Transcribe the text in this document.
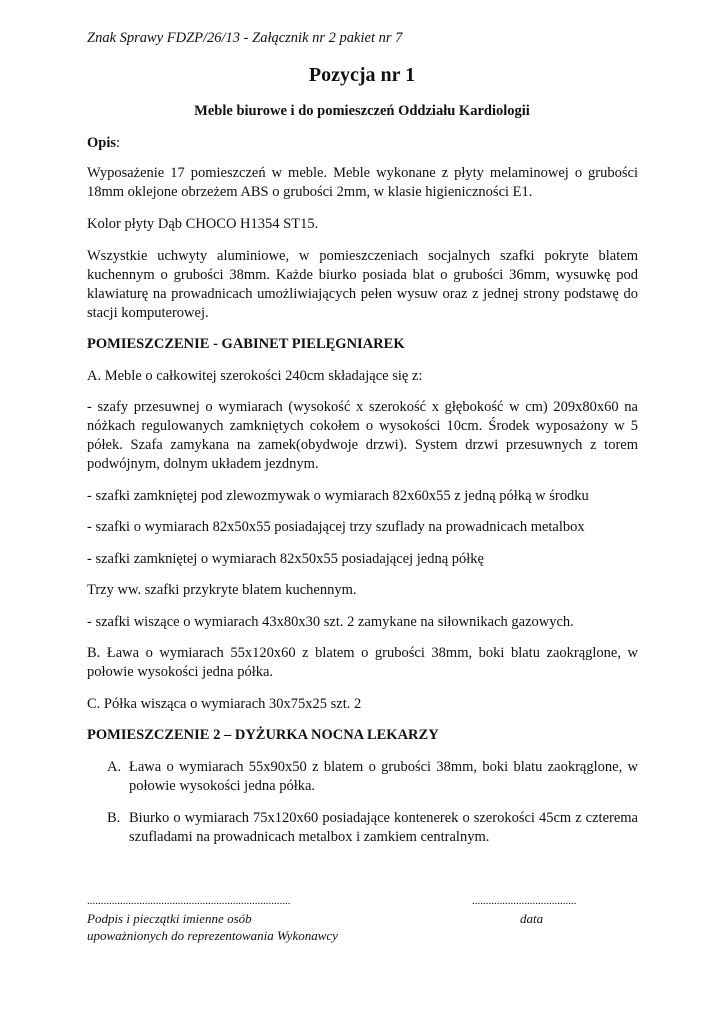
Znak Sprawy FDZP/26/13 - Załącznik nr 2 pakiet nr 7
Pozycja nr 1
Meble biurowe i do pomieszczeń Oddziału Kardiologii

Opis:

Wyposażenie 17 pomieszczeń w meble. Meble wykonane z płyty melaminowej o grubości 18mm oklejone obrzeżem ABS o grubości 2mm, w klasie higieniczności E1.

Kolor płyty Dąb CHOCO H1354 ST15.

Wszystkie uchwyty aluminiowe, w pomieszczeniach socjalnych szafki pokryte blatem kuchennym o grubości 38mm. Każde biurko posiada blat o grubości 36mm, wysuwkę pod klawiaturę na prowadnicach umożliwiających pełen wysuw oraz z jednej strony podstawę do stacji komputerowej.

POMIESZCZENIE - GABINET PIELĘGNIAREK

A. Meble o całkowitej szerokości 240cm składające się z:

- szafy przesuwnej o wymiarach (wysokość x szerokość x głębokość w cm) 209x80x60 na nóżkach regulowanych zamkniętych cokołem o wysokości 10cm. Środek wyposażony w 5 półek. Szafa zamykana na zamek(obydwoje drzwi). System drzwi przesuwnych z torem podwójnym, dolnym układem jezdnym.

- szafki zamkniętej pod zlewozmywak o wymiarach 82x60x55 z jedną półką w środku

- szafki o wymiarach 82x50x55 posiadającej trzy szuflady na prowadnicach metalbox

- szafki zamkniętej o wymiarach 82x50x55 posiadającej jedną półkę

Trzy ww. szafki przykryte blatem kuchennym.

- szafki wiszące o wymiarach 43x80x30 szt. 2 zamykane na siłownikach gazowych.

B. Ława o wymiarach 55x120x60 z blatem o grubości 38mm, boki blatu zaokrąglone, w połowie wysokości jedna półka.

C. Półka wisząca o wymiarach 30x75x25 szt. 2

POMIESZCZENIE 2 – DYŻURKA NOCNA LEKARZY

A. Ława o wymiarach 55x90x50 z blatem o grubości 38mm, boki blatu zaokrąglone, w połowie wysokości jedna półka.
B. Biurko o wymiarach 75x120x60 posiadające kontenerek o szerokości 45cm z czterema szufladami na prowadnicach metalbox i zamkiem centralnym.
..........................................................................
Podpis i pieczątki imienne osób
upoważnionych do reprezentowania Wykonawcy
......................................
data
